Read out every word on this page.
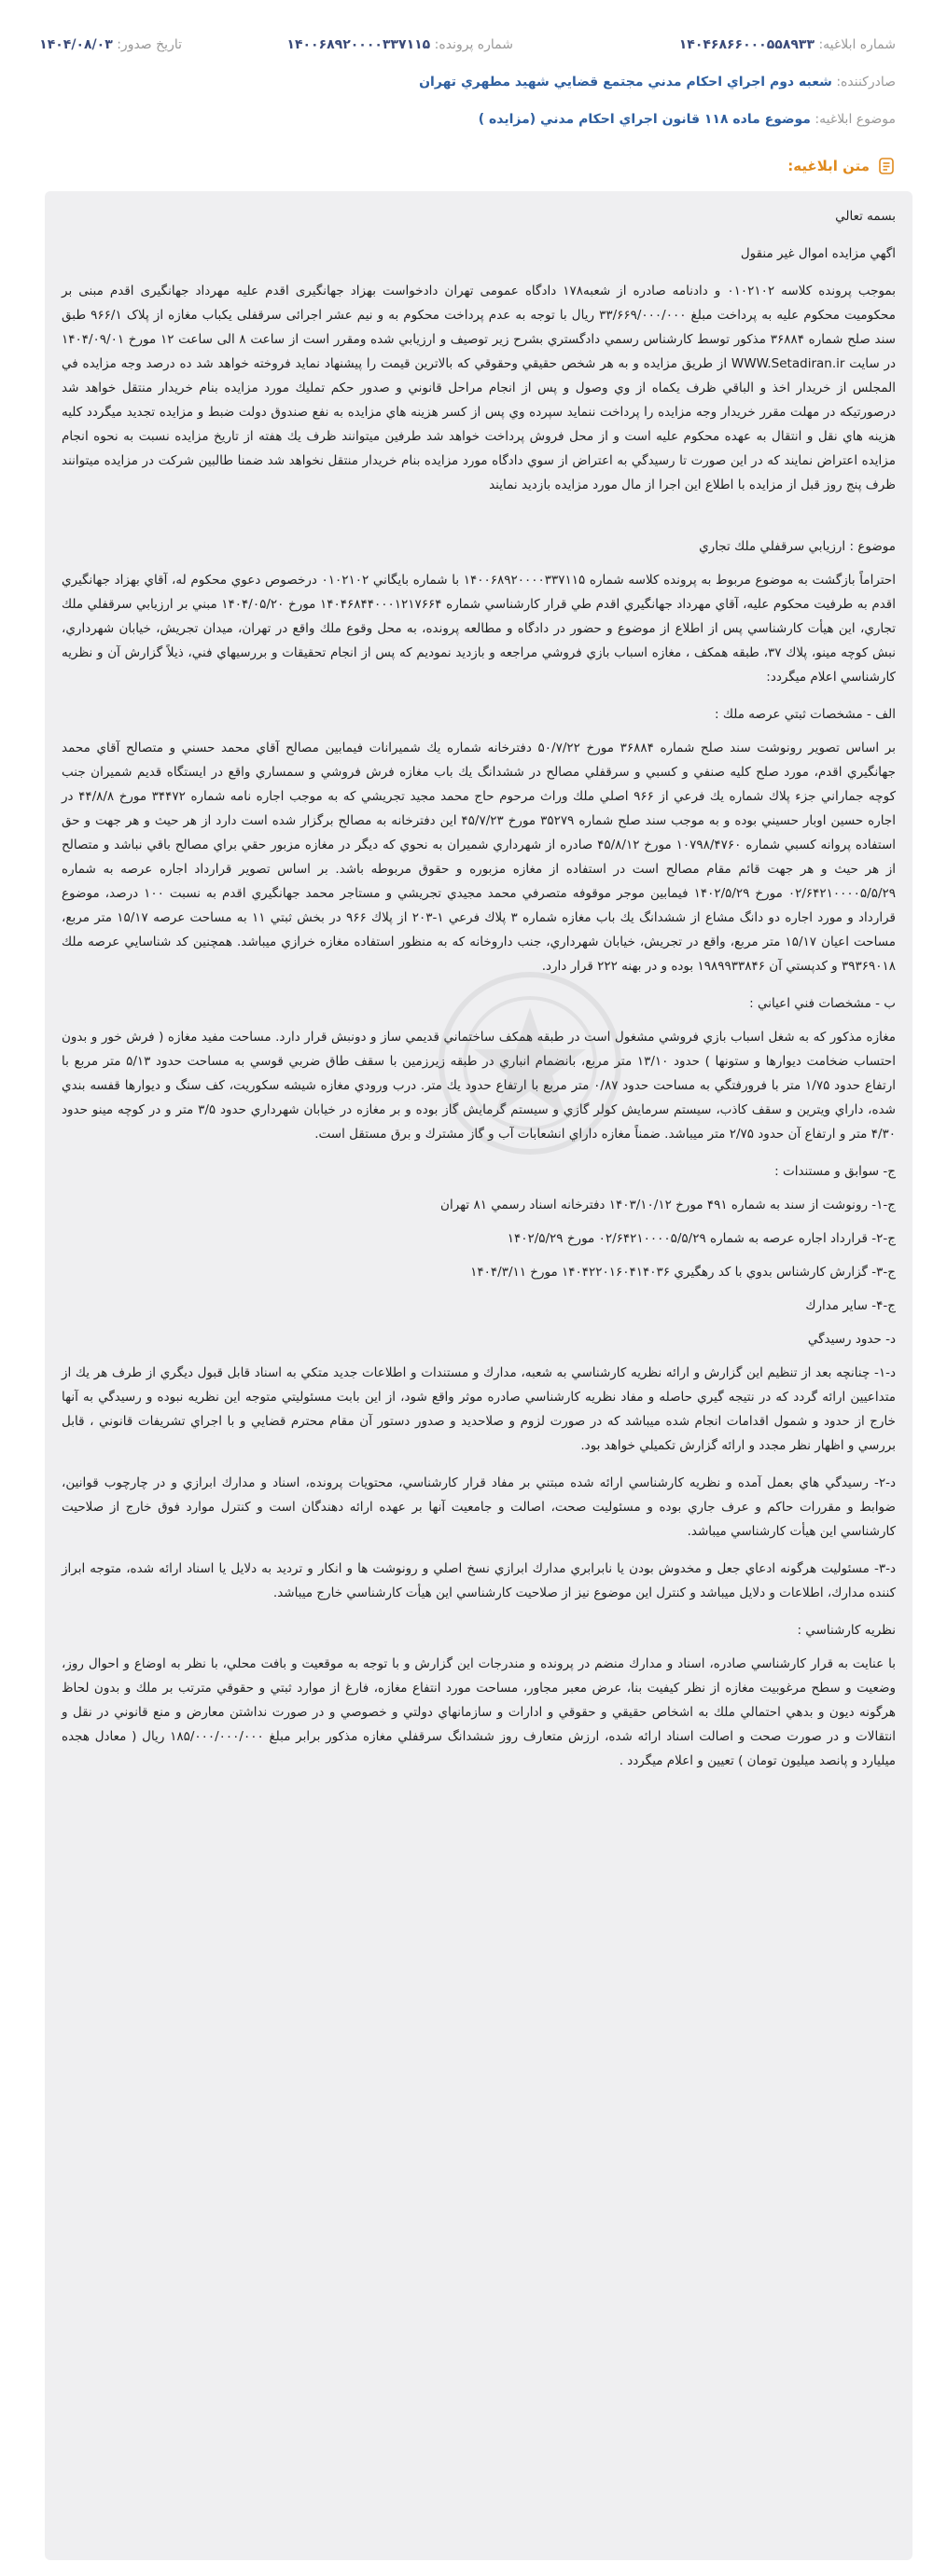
شماره ابلاغیه: ۱۴۰۴۶۸۶۶۰۰۰۵۵۸۹۳۳
شماره پرونده: ۱۴۰۰۶۸۹۲۰۰۰۰۳۳۷۱۱۵
تاریخ صدور: ۱۴۰۴/۰۸/۰۳
صادرکننده: شعبه دوم اجراي احكام مدني مجتمع قضايي شهيد مطهري تهران
موضوع ابلاغیه: موضوع ماده ۱۱۸ قانون اجراي احكام مدني (مزايده )
متن ابلاغیه:

بسمه تعالي

اگهي مزايده اموال غير منقول

بموجب پرونده كلاسه ۰۱۰۲۱۰۲ و دادنامه صادره از شعبه۱۷۸ دادگاه عمومی تهران دادخواست بهزاد جهانگیری اقدم علیه مهرداد جهانگیری اقدم مبنی بر محکومیت محکوم علیه به پرداخت مبلغ ۳۳/۶۶۹/۰۰۰/۰۰۰ ریال با توجه به عدم پرداخت محکوم به و نیم عشر اجرائی سرقفلی یکباب مغازه از پلاک ۹۶۶/۱ طبق سند صلح شماره ۳۶۸۸۴ مذکور توسط كارشناس رسمي دادگستري بشرح زير توصيف و ارزيابي شده ومقرر است از ساعت ۸ الی ساعت ۱۲ مورخ ۱۴۰۴/۰۹/۰۱ در سایت WWW.Setadiran.ir از طریق مزایده و به هر شخص حقيقي وحقوقي كه بالاترين قيمت را پيشنهاد نمايد فروخته خواهد شد ده درصد وجه مزايده في المجلس از خريدار اخذ و الباقي ظرف يكماه از وي وصول و پس از انجام مراحل قانوني و صدور حكم تمليك مورد مزايده بنام خريدار منتقل خواهد شد درصورتيكه در مهلت مقرر خريدار وجه مزايده را پرداخت ننمايد سپرده وي پس از كسر هزينه هاي مزايده به نفع صندوق دولت ضبط و مزايده تجديد ميگردد كليه هزينه هاي نقل و انتقال به عهده محكوم عليه است و از محل فروش پرداخت خواهد شد طرفين ميتوانند ظرف يك هفته از تاريخ مزايده نسبت به نحوه انجام مزايده اعتراض نمايند كه در اين صورت تا رسيدگي به اعتراض از سوي دادگاه مورد مزايده بنام خريدار منتقل نخواهد شد ضمنا طالبين شركت در مزايده ميتوانند ظرف پنج روز قبل از مزايده با اطلاع اين اجرا از مال مورد مزايده بازديد نمايند

موضوع : ارزيابي سرقفلي ملك تجاري

احتراماً بازگشت به موضوع مربوط به پرونده كلاسه شماره ۱۴۰۰۶۸۹۲۰۰۰۰۳۳۷۱۱۵ با شماره بايگاني ۰۱۰۲۱۰۲ درخصوص دعوي محكوم له، آقاي بهزاد جهانگيري اقدم به طرفيت محكوم عليه، آقاي مهرداد جهانگيري اقدم طي قرار كارشناسي شماره ۱۴۰۴۶۸۴۴۰۰۰۱۲۱۷۶۶۴ مورخ ۱۴۰۴/۰۵/۲۰ مبني بر ارزيابي سرقفلي ملك تجاري، اين هيأت كارشناسي پس از اطلاع از موضوع و حضور در دادگاه و مطالعه پرونده، به محل وقوع ملك واقع در تهران، ميدان تجريش، خيابان شهرداري، نبش كوچه مينو، پلاك ۳۷، طبقه همكف ، مغازه اسباب بازي فروشي مراجعه و بازديد نموديم كه پس از انجام تحقيقات و بررسيهاي فني، ذيلاً گزارش آن و نظريه كارشناسي اعلام ميگردد:

الف - مشخصات ثبتي عرصه ملك :

بر اساس تصوير رونوشت سند صلح شماره ۳۶۸۸۴ مورخ ۵۰/۷/۲۲ دفترخانه شماره يك شميرانات فيمابين مصالح آقاي محمد حسني و متصالح آقاي محمد جهانگيري اقدم، مورد صلح كليه صنفي و كسبي و سرقفلي مصالح در ششدانگ يك باب مغازه فرش فروشي و سمساري واقع در ايستگاه قديم شميران جنب كوچه جماراني جزء پلاك شماره يك فرعي از ۹۶۶ اصلي ملك وراث مرحوم حاج محمد مجيد تجريشي كه به موجب اجاره نامه شماره ۳۴۴۷۲ مورخ ۴۴/۸/۸ در اجاره حسين اوبار حسيني بوده و به موجب سند صلح شماره ۳۵۲۷۹ مورخ ۴۵/۷/۲۳ اين دفترخانه به مصالح برگزار شده است دارد از هر حيث و هر جهت و حق استفاده پروانه كسبي شماره ۱۰۷۹۸/۴۷۶۰ مورخ ۴۵/۸/۱۲ صادره از شهرداري شميران به نحوي كه ديگر در مغازه مزبور حقي براي مصالح باقي نباشد و متصالح از هر حيث و هر جهت قائم مقام مصالح است در استفاده از مغازه مزبوره و حقوق مربوطه باشد. بر اساس تصوير قرارداد اجاره عرصه به شماره ۰۲/۶۴۲۱۰۰۰۰۵/۵/۲۹ مورخ ۱۴۰۲/۵/۲۹ فيمابين موجر موقوفه متصرفي محمد مجيدي تجريشي و مستاجر محمد جهانگيري اقدم به نسبت ۱۰۰ درصد، موضوع قرارداد و مورد اجاره دو دانگ مشاع از ششدانگ يك باب مغازه شماره ۳ پلاك فرعي ۱-۲۰۳ از پلاك ۹۶۶ در بخش ثبتي ۱۱ به مساحت عرصه ۱۵/۱۷ متر مربع، مساحت اعيان ۱۵/۱۷ متر مربع، واقع در تجريش، خيابان شهرداري، جنب داروخانه كه به منظور استفاده مغازه خرازي ميباشد. همچنين كد شناسايي عرصه ملك ۳۹۳۶۹۰۱۸ و كدپستي آن ۱۹۸۹۹۳۳۸۴۶ بوده و در بهنه ۲۲۲ قرار دارد.

ب - مشخصات فني اعياني :

مغازه مذكور كه به شغل اسباب بازي فروشي مشغول است در طبقه همكف ساختماني قديمي ساز و دونبش قرار دارد. مساحت مفيد مغازه ( فرش خور و بدون احتساب ضخامت ديوارها و ستونها ) حدود ۱۳/۱۰ متر مربع، بانضمام انباري در طبقه زيرزمين با سقف طاق ضربي قوسي به مساحت حدود ۵/۱۳ متر مربع با ارتفاع حدود ۱/۷۵ متر با فرورفتگي به مساحت حدود ۰/۸۷ متر مربع با ارتفاع حدود يك متر. درب ورودي مغازه شيشه سكوريت، كف سنگ و ديوارها قفسه بندي شده، داراي ويترين و سقف كاذب، سيستم سرمايش كولر گازي و سيستم گرمايش گاز بوده و بر مغازه در خيابان شهرداري حدود ۳/۵ متر و در كوچه مينو حدود ۴/۳۰ متر و ارتفاع آن حدود ۲/۷۵ متر ميباشد. ضمناً مغازه داراي انشعابات آب و گاز مشترك و برق مستقل است.

ج- سوابق و مستندات :

ج-۱- رونوشت از سند به شماره ۴۹۱ مورخ ۱۴۰۳/۱۰/۱۲ دفترخانه اسناد رسمي ۸۱ تهران

ج-۲- قرارداد اجاره عرصه به شماره ۰۲/۶۴۲۱۰۰۰۰۵/۵/۲۹ مورخ ۱۴۰۲/۵/۲۹

ج-۳- گزارش كارشناس بدوي با كد رهگيري ۱۴۰۴۲۲۰۱۶۰۴۱۴۰۳۶ مورخ ۱۴۰۴/۳/۱۱

ج-۴- ساير مدارك

د- حدود رسيدگي

د-۱- چنانچه بعد از تنظيم اين گزارش و ارائه نظريه كارشناسي به شعبه، مدارك و مستندات و اطلاعات جديد متكي به اسناد قابل قبول ديگري از طرف هر يك از متداعيين ارائه گردد كه در نتيجه گيري حاصله و مفاد نظريه كارشناسي صادره موثر واقع شود، از اين بابت مسئوليتي متوجه اين نظريه نبوده و رسيدگي به آنها خارج از حدود و شمول اقدامات انجام شده ميباشد كه در صورت لزوم و صلاحديد و صدور دستور آن مقام محترم قضايي و با اجراي تشريفات قانوني ، قابل بررسي و اظهار نظر مجدد و ارائه گزارش تكميلي خواهد بود.

د-۲- رسيدگي هاي بعمل آمده و نظريه كارشناسي ارائه شده مبتني بر مفاد قرار كارشناسي، محتويات پرونده، اسناد و مدارك ابرازي و در چارچوب قوانين، ضوابط و مقررات حاكم و عرف جاري بوده و مسئوليت صحت، اصالت و جامعيت آنها بر عهده ارائه دهندگان است و كنترل موارد فوق خارج از صلاحيت كارشناسي اين هيأت كارشناسي ميباشد.

د-۳- مسئوليت هرگونه ادعاي جعل و مخدوش بودن يا نابرابري مدارك ابرازي نسخ اصلي و رونوشت ها و انكار و ترديد به دلايل يا اسناد ارائه شده، متوجه ابراز كننده مدارك، اطلاعات و دلايل ميباشد و كنترل اين موضوع نيز از صلاحيت كارشناسي اين هيأت كارشناسي خارج ميباشد.

نظريه كارشناسي :

با عنايت به قرار كارشناسي صادره، اسناد و مدارك منضم در پرونده و مندرجات اين گزارش و با توجه به موقعيت و بافت محلي، با نظر به اوضاع و احوال روز، وضعيت و سطح مرغوبيت مغازه از نظر كيفيت بنا، عرض معبر مجاور، مساحت مورد انتفاع مغازه، فارغ از موارد ثبتي و حقوقي مترتب بر ملك و بدون لحاظ هرگونه ديون و بدهي احتمالي ملك به اشخاص حقيقي و حقوقي و ادارات و سازمانهاي دولتي و خصوصي و در صورت نداشتن معارض و منع قانوني در نقل و انتقالات و در صورت صحت و اصالت اسناد ارائه شده، ارزش متعارف روز ششدانگ سرقفلي مغازه مذكور برابر مبلغ ۱۸۵/۰۰۰/۰۰۰/۰۰۰ ريال ( معادل هجده ميليارد و پانصد ميليون تومان ) تعيين و اعلام ميگردد .
